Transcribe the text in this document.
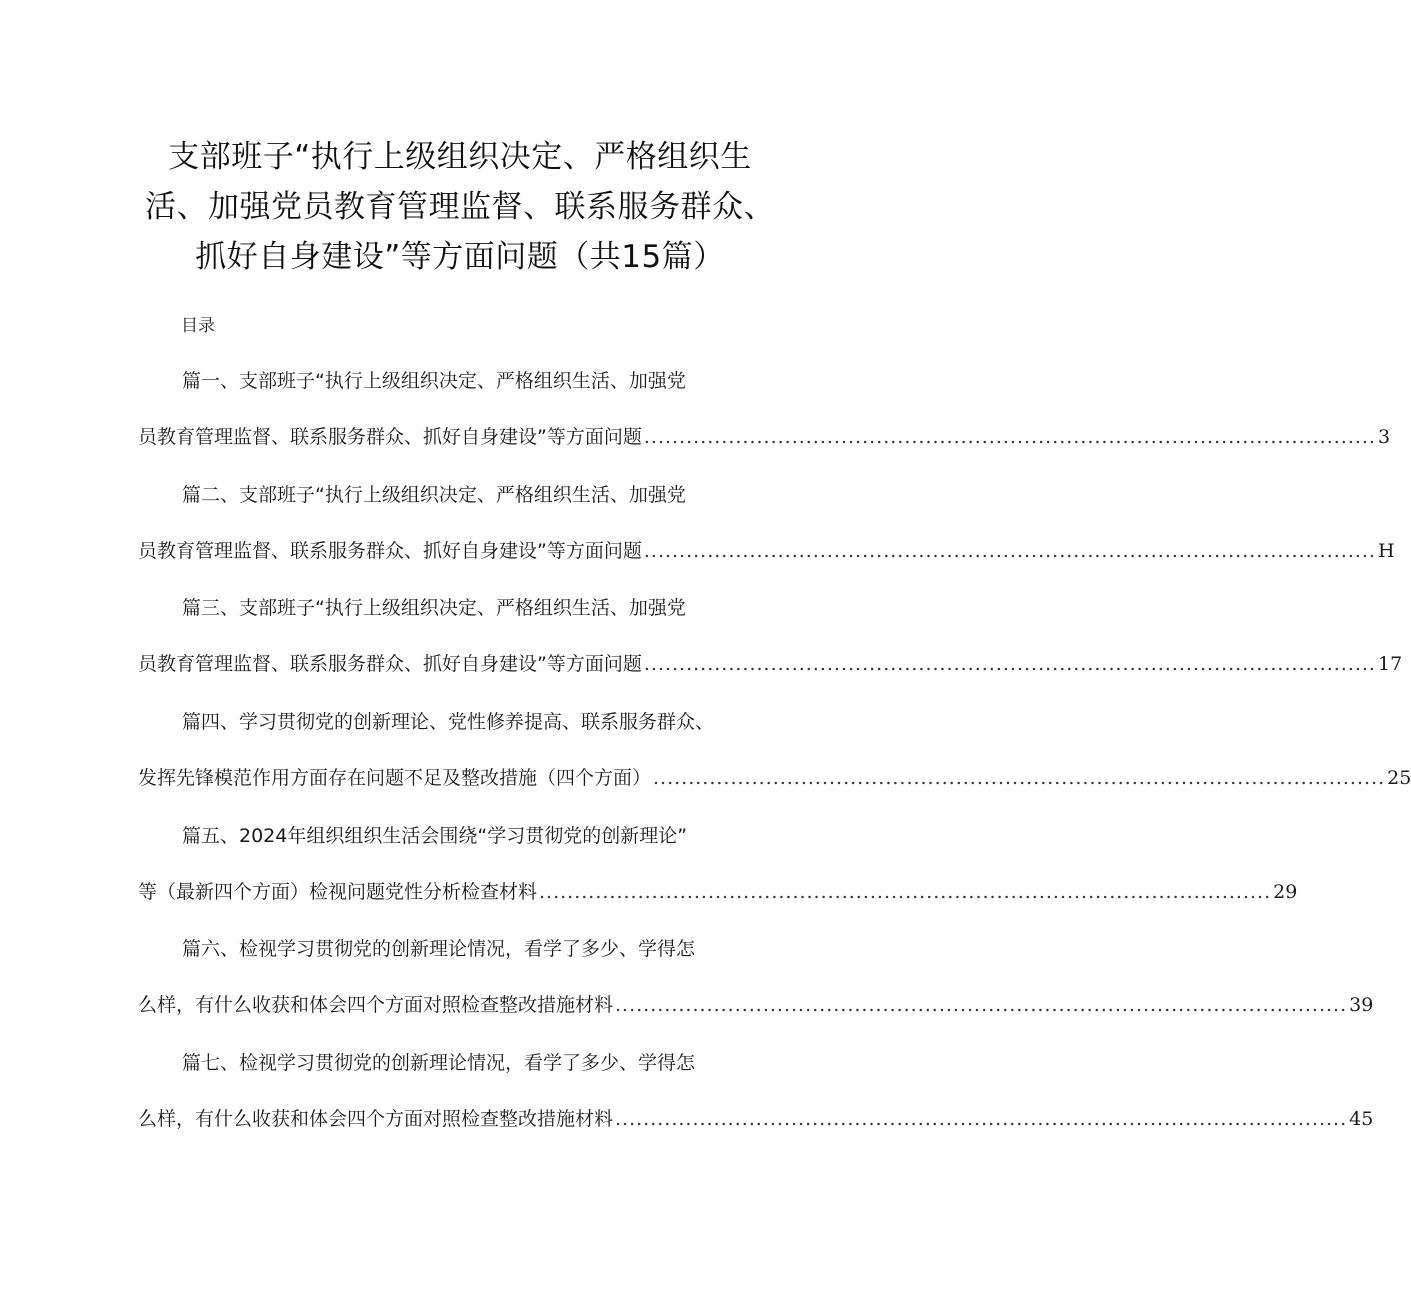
支部班子“执行上级组织决定、严格组织生活、加强党员教育管理监督、联系服务群众、抓好自身建设”等方面问题（共15篇）
目录
篇一、支部班子“执行上级组织决定、严格组织生活、加强党
员教育管理监督、联系服务群众、抓好自身建设”等方面问题 ........................................................................................................ 3
篇二、支部班子“执行上级组织决定、严格组织生活、加强党
员教育管理监督、联系服务群众、抓好自身建设”等方面问题 ........................................................................................................ H
篇三、支部班子“执行上级组织决定、严格组织生活、加强党
员教育管理监督、联系服务群众、抓好自身建设”等方面问题 ........................................................................................................ 17
篇四、学习贯彻党的创新理论、党性修养提高、联系服务群众、
发挥先锋模范作用方面存在问题不足及整改措施（四个方面） ........................................................................................................ 25
篇五、2024年组织组织生活会围绕“学习贯彻党的创新理论”
等（最新四个方面）检视问题党性分析检查材料 ........................................................................................................ 29
篇六、检视学习贯彻党的创新理论情况，看学了多少、学得怎
么样，有什么收获和体会四个方面对照检查整改措施材料 ........................................................................................................ 39
篇七、检视学习贯彻党的创新理论情况，看学了多少、学得怎
么样，有什么收获和体会四个方面对照检查整改措施材料 ........................................................................................................ 45
